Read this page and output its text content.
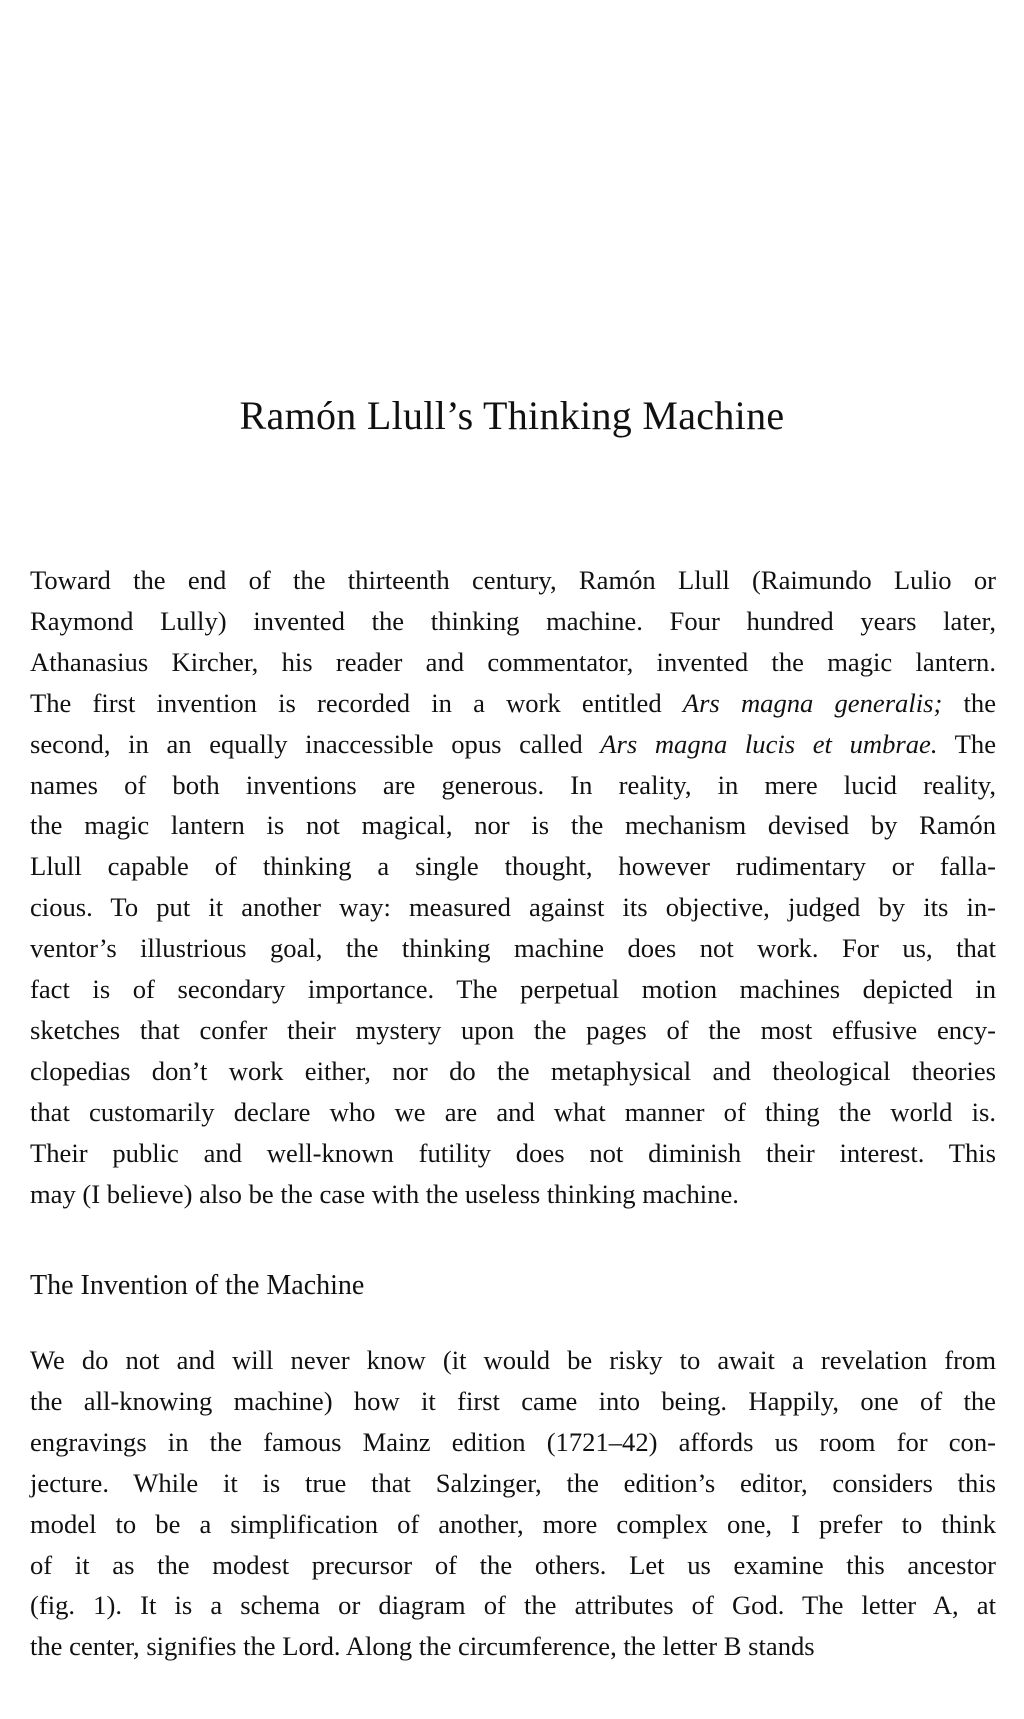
Ramón Llull’s Thinking Machine

Toward the end of the thirteenth century, Ramón Llull (Raimundo Lulio or
Raymond Lully) invented the thinking machine. Four hundred years later,
Athanasius Kircher, his reader and commentator, invented the magic lantern.
The first invention is recorded in a work entitled Ars magna generalis; the
second, in an equally inaccessible opus called Ars magna lucis et umbrae. The
names of both inventions are generous. In reality, in mere lucid reality,
the magic lantern is not magical, nor is the mechanism devised by Ramón
Llull capable of thinking a single thought, however rudimentary or falla-
cious. To put it another way: measured against its objective, judged by its in-
ventor’s illustrious goal, the thinking machine does not work. For us, that
fact is of secondary importance. The perpetual motion machines depicted in
sketches that confer their mystery upon the pages of the most effusive ency-
clopedias don’t work either, nor do the metaphysical and theological theories
that customarily declare who we are and what manner of thing the world is.
Their public and well-known futility does not diminish their interest. This
may (I believe) also be the case with the useless thinking machine.

The Invention of the Machine

We do not and will never know (it would be risky to await a revelation from
the all-knowing machine) how it first came into being. Happily, one of the
engravings in the famous Mainz edition (1721–42) affords us room for con-
jecture. While it is true that Salzinger, the edition’s editor, considers this
model to be a simplification of another, more complex one, I prefer to think
of it as the modest precursor of the others. Let us examine this ancestor
(fig. 1). It is a schema or diagram of the attributes of God. The letter A, at
the center, signifies the Lord. Along the circumference, the letter B stands
